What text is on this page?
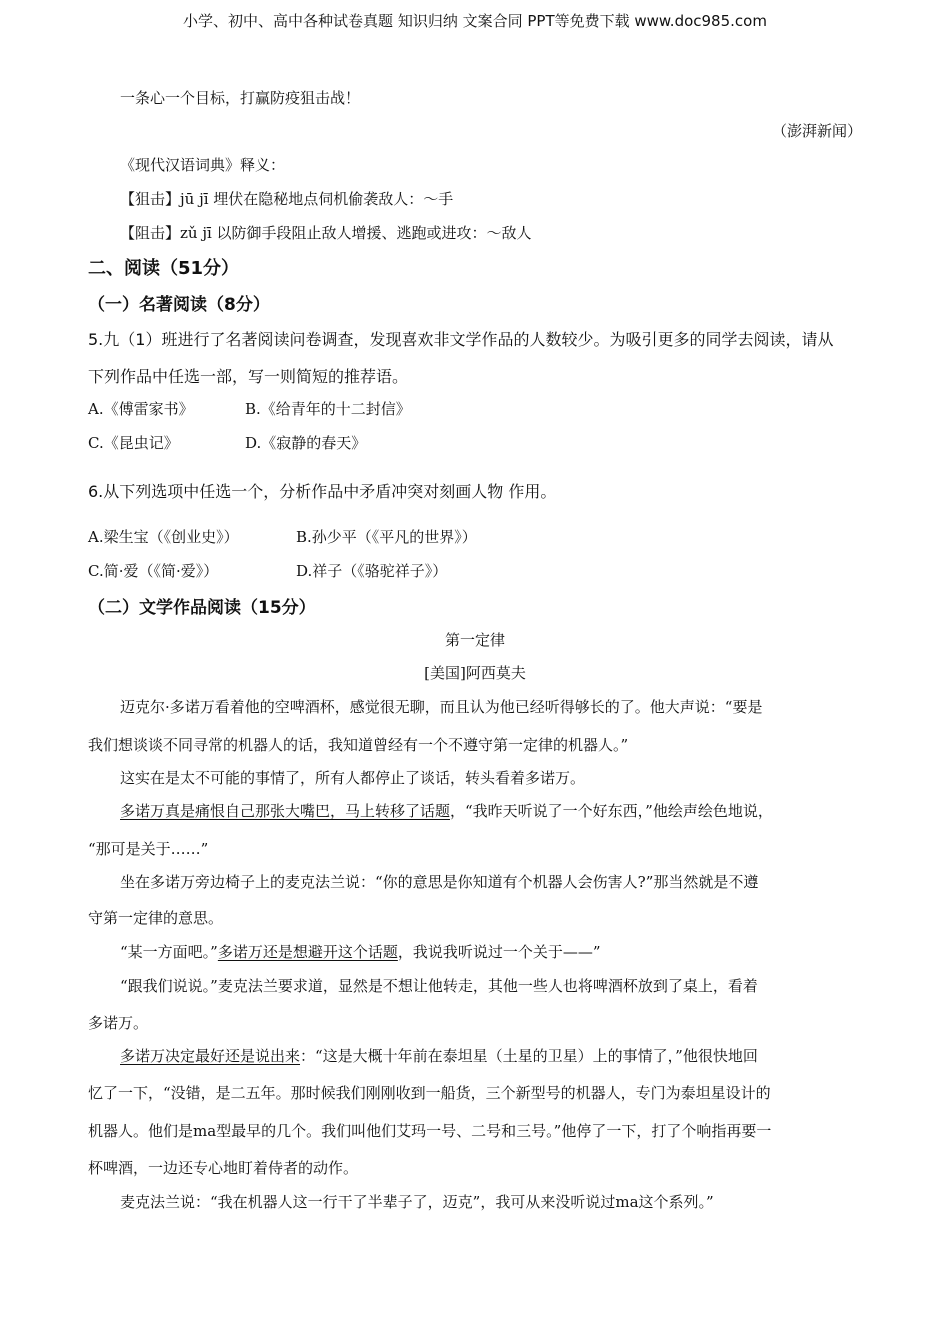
小学、初中、高中各种试卷真题 知识归纳 文案合同 PPT等免费下载 www.doc985.com
一条心一个目标，打赢防疫狙击战！
（澎湃新闻）
《现代汉语词典》释义：
【狙击】jū jī 埋伏在隐秘地点伺机偷袭敌人：～手
【阻击】zǔ jī 以防御手段阻止敌人增援、逃跑或进攻：～敌人
二、阅读（51分）
（一）名著阅读（8分）
5.九（1）班进行了名著阅读问卷调查，发现喜欢非文学作品的人数较少。为吸引更多的同学去阅读，请从
下列作品中任选一部，写一则简短的推荐语。
A.《傅雷家书》	B.《给青年的十二封信》
C.《昆虫记》	D.《寂静的春天》
6.从下列选项中任选一个，分析作品中矛盾冲突对刻画人物 作用。
A.梁生宝（《创业史》）	B.孙少平（《平凡的世界》）
C.简·爱（《简·爱》）	D.祥子（《骆驼祥子》）
（二）文学作品阅读（15分）
第一定律
[美国]阿西莫夫
迈克尔·多诺万看着他的空啤酒杯，感觉很无聊，而且认为他已经听得够长的了。他大声说：“要是
我们想谈谈不同寻常的机器人的话，我知道曾经有一个不遵守第一定律的机器人。”
这实在是太不可能的事情了，所有人都停止了谈话，转头看着多诺万。
多诺万真是痛恨自己那张大嘴巴，马上转移了话题，“我昨天听说了一个好东西，”他绘声绘色地说，
“那可是关于……”
坐在多诺万旁边椅子上的麦克法兰说：“你的意思是你知道有个机器人会伤害人?”那当然就是不遵
守第一定律的意思。
“某一方面吧。”多诺万还是想避开这个话题，我说我听说过一个关于——”
“跟我们说说。”麦克法兰要求道，显然是不想让他转走，其他一些人也将啤酒杯放到了桌上，看着
多诺万。
多诺万决定最好还是说出来：“这是大概十年前在泰坦星（土星的卫星）上的事情了，”他很快地回
忆了一下，“没错，是二五年。那时候我们刚刚收到一船货，三个新型号的机器人，专门为泰坦星设计的
机器人。他们是ma型最早的几个。我们叫他们艾玛一号、二号和三号。”他停了一下，打了个响指再要一
杯啤酒，一边还专心地盯着侍者的动作。
麦克法兰说：“我在机器人这一行干了半辈子了，迈克”，我可从来没听说过ma这个系列。”
